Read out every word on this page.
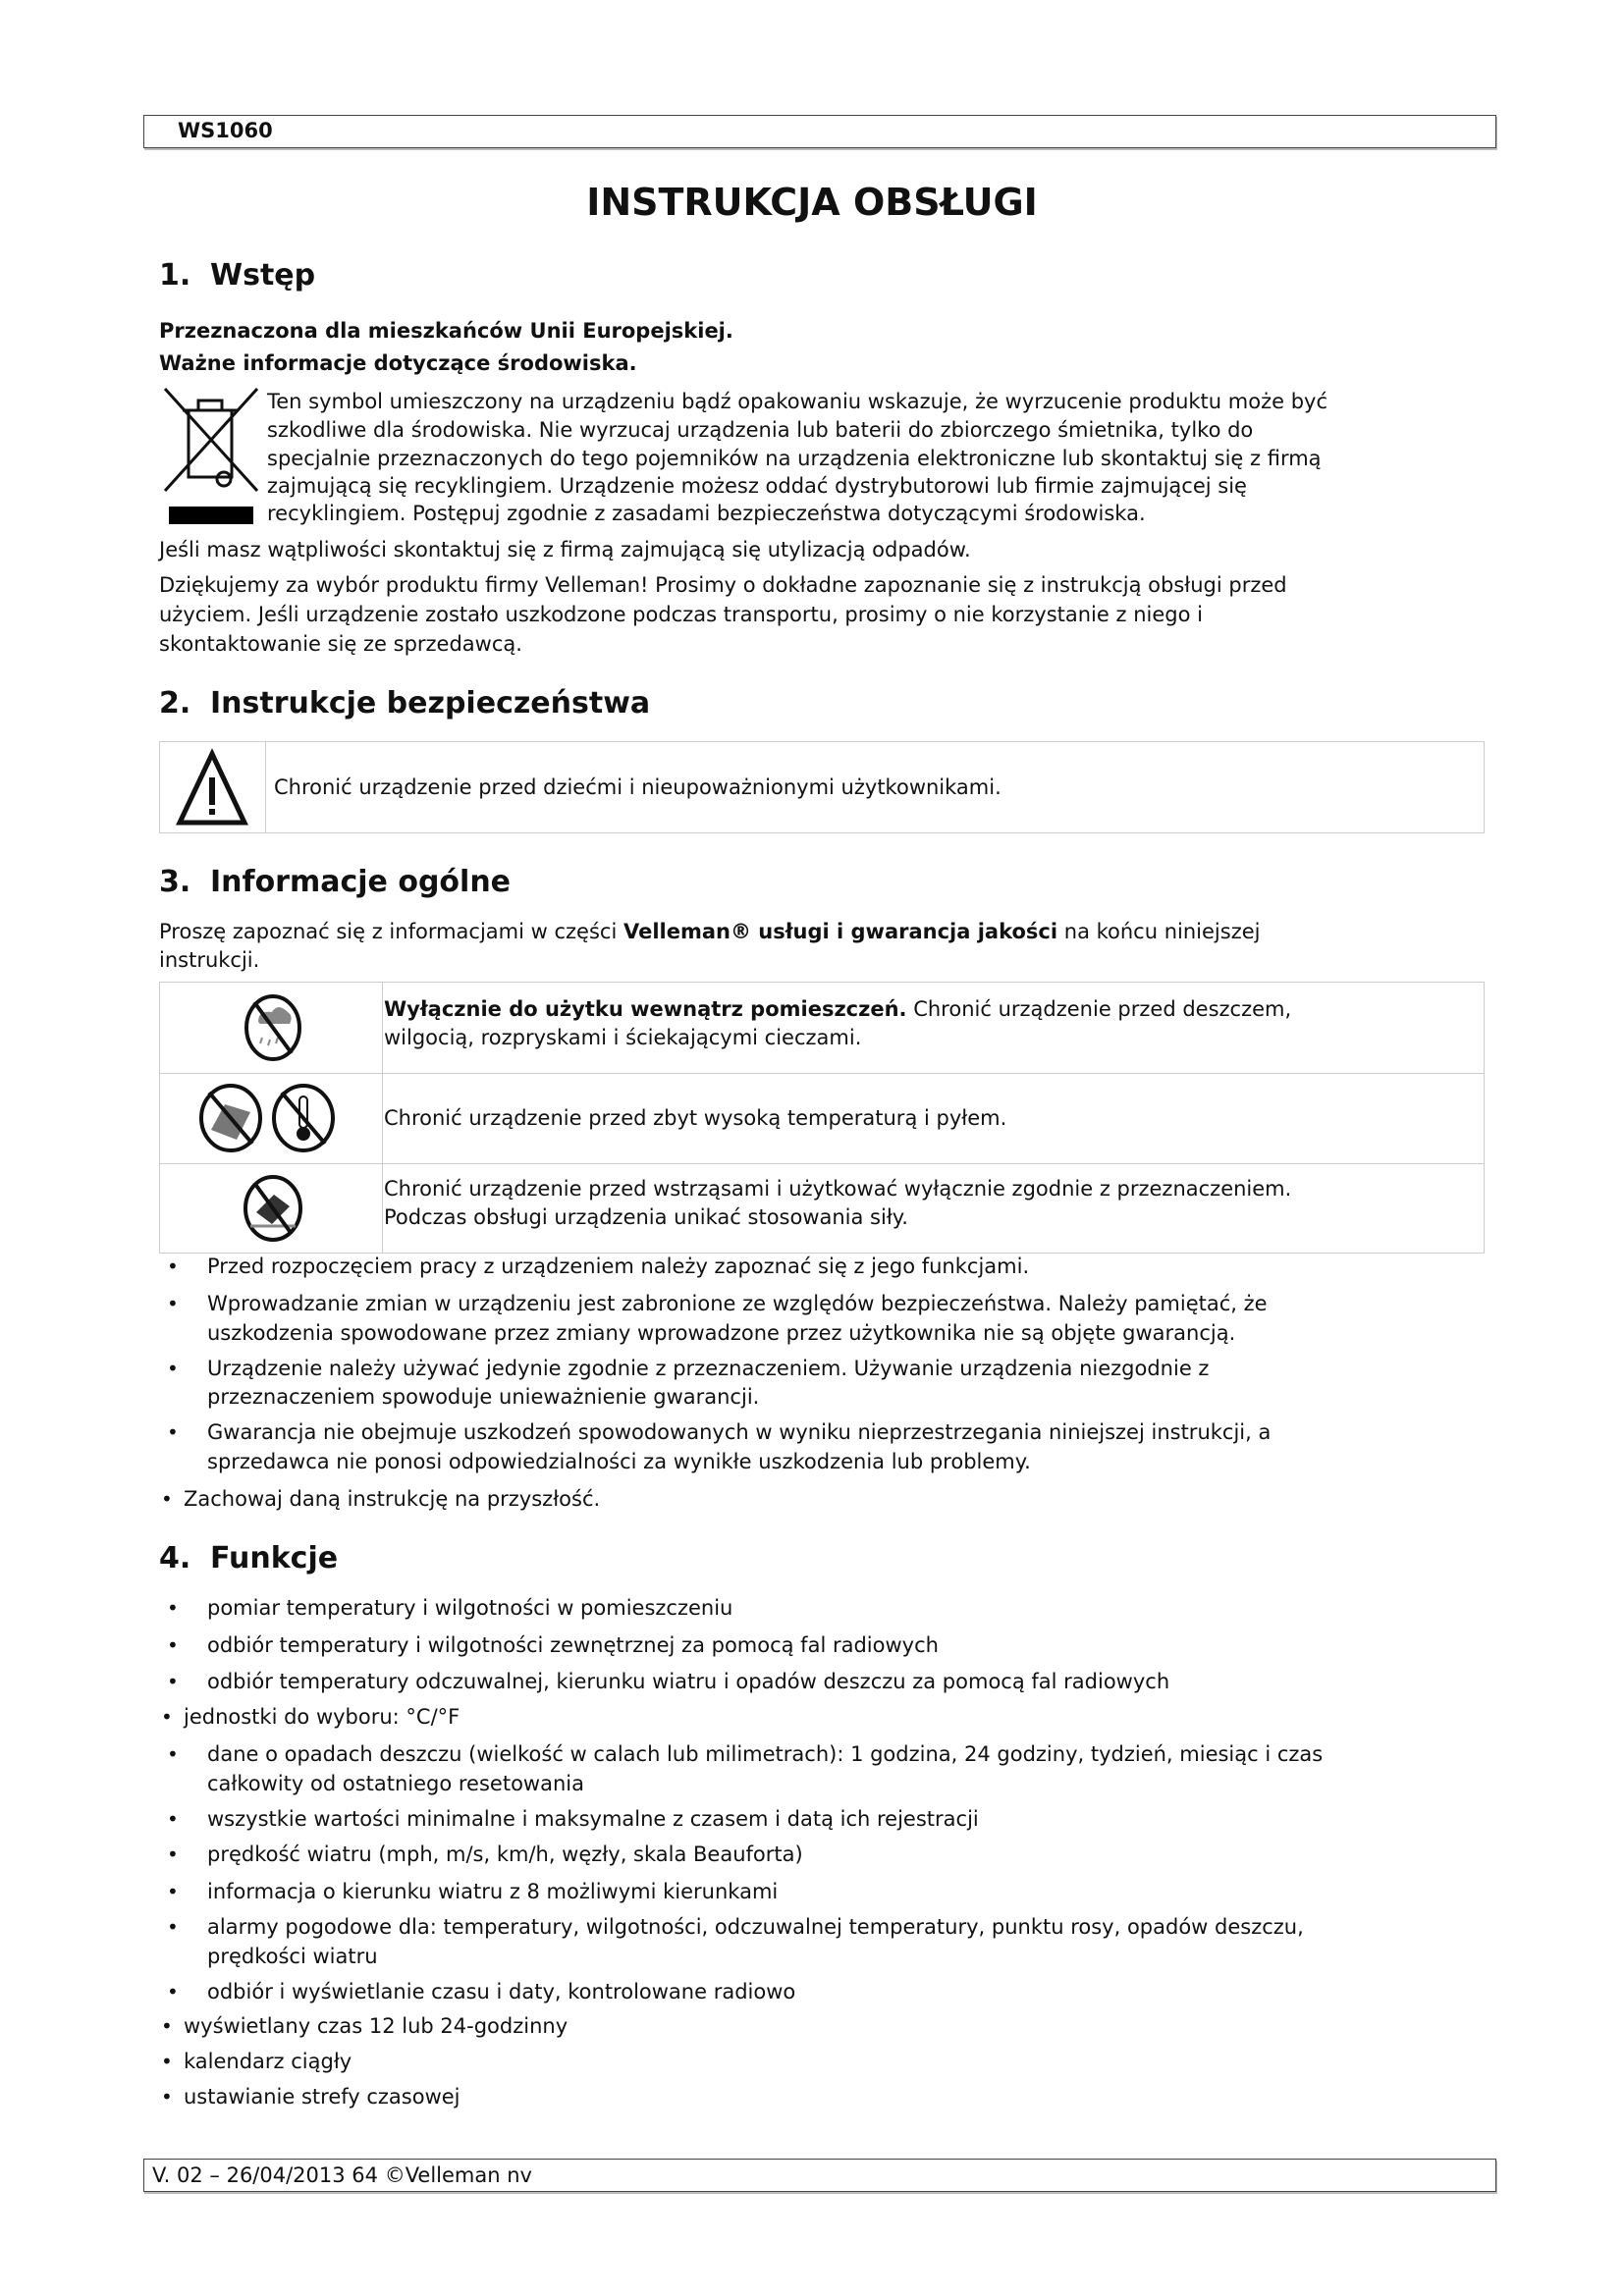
WS1060
INSTRUKCJA OBSŁUGI
1. Wstęp
Przeznaczona dla mieszkańców Unii Europejskiej.
Ważne informacje dotyczące środowiska.
Ten symbol umieszczony na urządzeniu bądź opakowaniu wskazuje, że wyrzucenie produktu może być
szkodliwe dla środowiska. Nie wyrzucaj urządzenia lub baterii do zbiorczego śmietnika, tylko do
specjalnie przeznaczonych do tego pojemników na urządzenia elektroniczne lub skontaktuj się z firmą
zajmującą się recyklingiem. Urządzenie możesz oddać dystrybutorowi lub firmie zajmującej się
recyklingiem. Postępuj zgodnie z zasadami bezpieczeństwa dotyczącymi środowiska.
Jeśli masz wątpliwości skontaktuj się z firmą zajmującą się utylizacją odpadów.
Dziękujemy za wybór produktu firmy Velleman! Prosimy o dokładne zapoznanie się z instrukcją obsługi przed
użyciem. Jeśli urządzenie zostało uszkodzone podczas transportu, prosimy o nie korzystanie z niego i
skontaktowanie się ze sprzedawcą.
2. Instrukcje bezpieczeństwa
Chronić urządzenie przed dziećmi i nieupoważnionymi użytkownikami.
3. Informacje ogólne
Proszę zapoznać się z informacjami w części Velleman® usługi i gwarancja jakości na końcu niniejszej
instrukcji.
Wyłącznie do użytku wewnątrz pomieszczeń. Chronić urządzenie przed deszczem,
wilgocią, rozpryskami i ściekającymi cieczami.
Chronić urządzenie przed zbyt wysoką temperaturą i pyłem.
Chronić urządzenie przed wstrząsami i użytkować wyłącznie zgodnie z przeznaczeniem.
Podczas obsługi urządzenia unikać stosowania siły.
• Przed rozpoczęciem pracy z urządzeniem należy zapoznać się z jego funkcjami.
• Wprowadzanie zmian w urządzeniu jest zabronione ze względów bezpieczeństwa. Należy pamiętać, że
uszkodzenia spowodowane przez zmiany wprowadzone przez użytkownika nie są objęte gwarancją.
• Urządzenie należy używać jedynie zgodnie z przeznaczeniem. Używanie urządzenia niezgodnie z
przeznaczeniem spowoduje unieważnienie gwarancji.
• Gwarancja nie obejmuje uszkodzeń spowodowanych w wyniku nieprzestrzegania niniejszej instrukcji, a
sprzedawca nie ponosi odpowiedzialności za wynikłe uszkodzenia lub problemy.
• Zachowaj daną instrukcję na przyszłość.
4. Funkcje
• pomiar temperatury i wilgotności w pomieszczeniu
• odbiór temperatury i wilgotności zewnętrznej za pomocą fal radiowych
• odbiór temperatury odczuwalnej, kierunku wiatru i opadów deszczu za pomocą fal radiowych
• jednostki do wyboru: °C/°F
• dane o opadach deszczu (wielkość w calach lub milimetrach): 1 godzina, 24 godziny, tydzień, miesiąc i czas
całkowity od ostatniego resetowania
• wszystkie wartości minimalne i maksymalne z czasem i datą ich rejestracji
• prędkość wiatru (mph, m/s, km/h, węzły, skala Beauforta)
• informacja o kierunku wiatru z 8 możliwymi kierunkami
• alarmy pogodowe dla: temperatury, wilgotności, odczuwalnej temperatury, punktu rosy, opadów deszczu,
prędkości wiatru
• odbiór i wyświetlanie czasu i daty, kontrolowane radiowo
• wyświetlany czas 12 lub 24-godzinny
• kalendarz ciągły
• ustawianie strefy czasowej
V. 02 – 26/04/2013 64 ©Velleman nv
